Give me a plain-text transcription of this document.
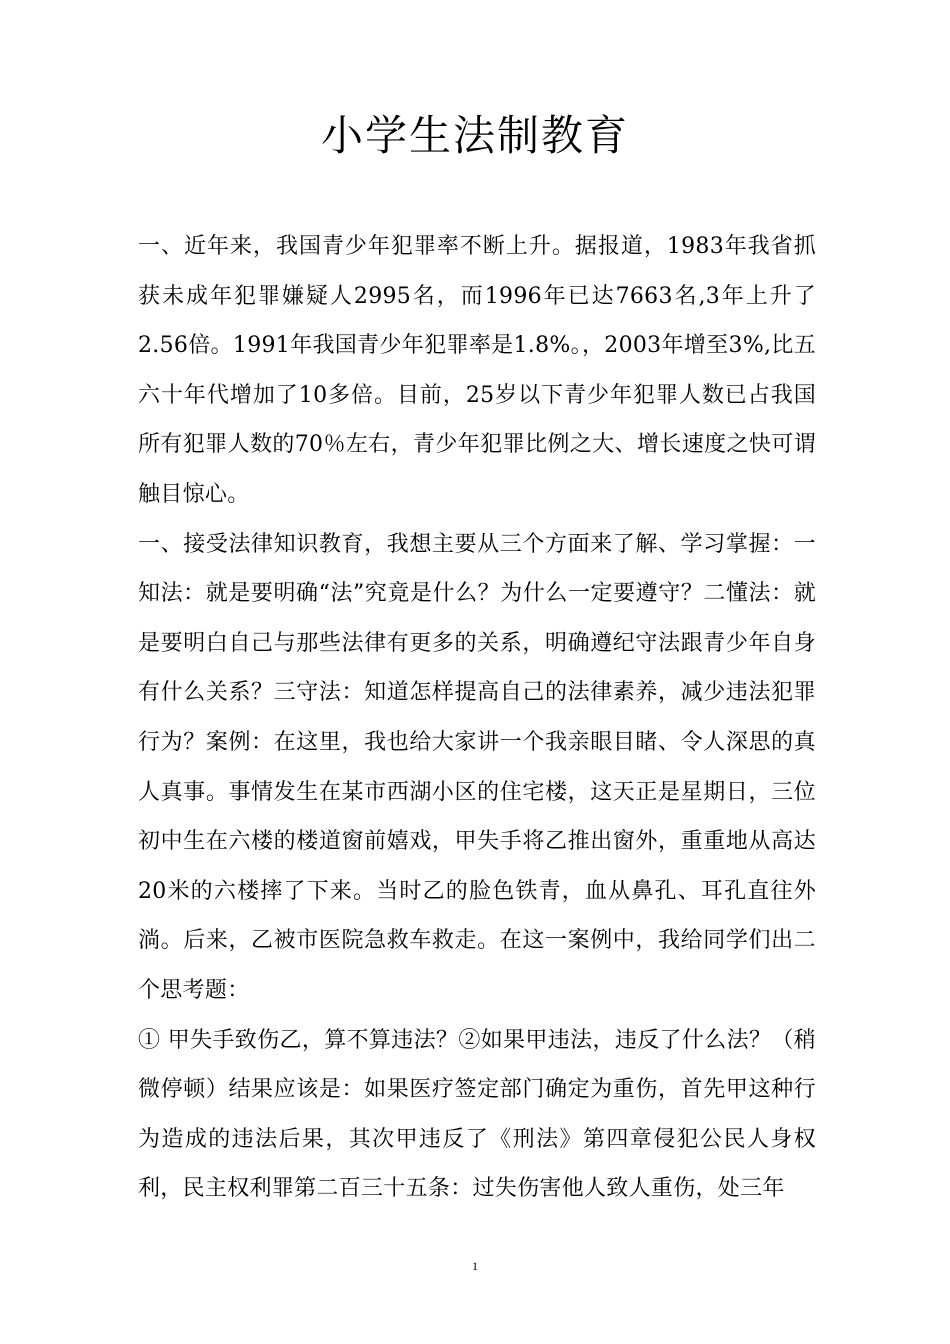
小学生法制教育

一、近年来，我国青少年犯罪率不断上升。据报道，1983年我省抓获未成年犯罪嫌疑人2995名，而1996年已达7663名,3年上升了2.56倍。1991年我国青少年犯罪率是1.8%。，2003年增至3%,比五六十年代增加了10多倍。目前，25岁以下青少年犯罪人数已占我国所有犯罪人数的70％左右，青少年犯罪比例之大、增长速度之快可谓触目惊心。

一、接受法律知识教育，我想主要从三个方面来了解、学习掌握：一知法：就是要明确“法”究竟是什么？为什么一定要遵守？二懂法：就是要明白自己与那些法律有更多的关系，明确遵纪守法跟青少年自身有什么关系？三守法：知道怎样提高自己的法律素养，减少违法犯罪行为？案例：在这里，我也给大家讲一个我亲眼目睹、令人深思的真人真事。事情发生在某市西湖小区的住宅楼，这天正是星期日，三位初中生在六楼的楼道窗前嬉戏，甲失手将乙推出窗外，重重地从高达20米的六楼摔了下来。当时乙的脸色铁青，血从鼻孔、耳孔直往外淌。后来，乙被市医院急救车救走。在这一案例中，我给同学们出二个思考题：

① 甲失手致伤乙，算不算违法？②如果甲违法，违反了什么法？（稍微停顿）结果应该是：如果医疗签定部门确定为重伤，首先甲这种行为造成的违法后果，其次甲违反了《刑法》第四章侵犯公民人身权利，民主权利罪第二百三十五条：过失伤害他人致人重伤，处三年

1
